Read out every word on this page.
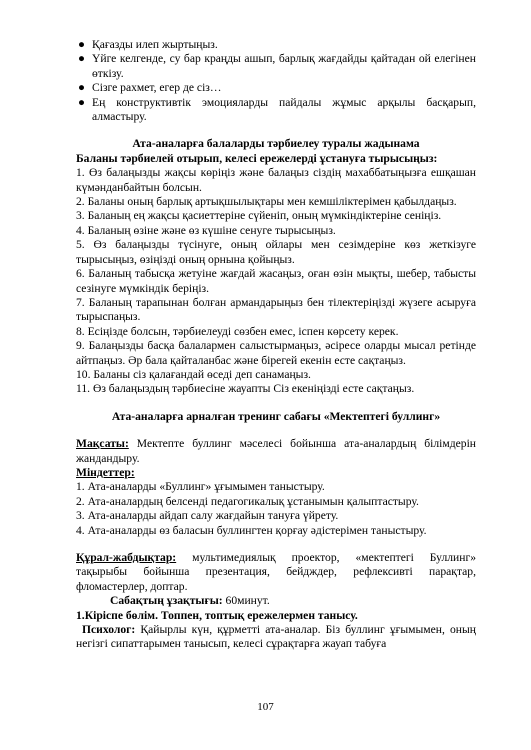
● Қағазды илеп жыртыңыз.
● Үйге келгенде, су бар краңды ашып, барлық жағдайды қайтадан ой елегінен өткізу.
● Сізге рахмет, егер де сіз…
● Ең конструктивтік эмоцияларды пайдалы жұмыс арқылы басқарып, алмастыру.
Ата-аналарға балаларды тәрбиелеу туралы жадынама

Баланы тәрбиелей отырып, келесі ережелерді ұстануға тырысыңыз:

1. Өз балаңызды жақсы көріңіз және балаңыз сіздің махаббатыңызға ешқашан күмәнданбайтын болсын.

2. Баланы оның барлық артықшылықтары мен кемшіліктерімен қабылдаңыз.

3. Баланың ең жақсы қасиеттеріне сүйеніп, оның мүмкіндіктеріне сеніңіз.

4. Баланың өзіне және өз күшіне сенуге тырысыңыз.

5. Өз балаңызды түсінуге, оның ойлары мен сезімдеріне көз жеткізуге тырысыңыз, өзіңізді оның орнына қойыңыз.

6. Баланың табысқа жетуіне жағдай жасаңыз, оған өзін мықты, шебер, табысты сезінуге мүмкіндік беріңіз.

7. Баланың тарапынан болған армандарыңыз бен тілектеріңізді жүзеге асыруға тырыспаңыз.

8. Есіңізде болсын, тәрбиелеуді сөзбен емес, іспен көрсету керек.

9. Балаңызды басқа балалармен салыстырмаңыз, әсіресе оларды мысал ретінде айтпаңыз. Әр бала қайталанбас және бірегей екенін есте сақтаңыз.

10. Баланы сіз қалағандай өседі деп санамаңыз.

11. Өз балаңыздың тәрбиесіне жауапты Сіз екеніңізді есте сақтаңыз.

Ата-аналарға арналған тренинг сабағы «Мектептегі буллинг»

Мақсаты: Мектепте буллинг мәселесі бойынша ата-аналардың білімдерін жандандыру.

Міндеттер:

1. Ата-аналарды «Буллинг» ұғымымен таныстыру.

2. Ата-аналардың белсенді педагогикалық ұстанымын қалыптастыру.

3. Ата-аналарды айдап салу жағдайын тануға үйрету.

4. Ата-аналарды өз баласын буллингтен қорғау әдістерімен таныстыру.

Құрал-жабдықтар: мультимедиялық проектор, «мектептегі Буллинг» тақырыбы бойынша презентация, бейдждер, рефлексивті парақтар, фломастерлер, доптар.

Сабақтың ұзақтығы: 60минут.

1.Кіріспе бөлім. Топпен, топтық ережелермен танысу.

Психолог: Қайырлы күн, құрметті ата-аналар. Біз буллинг ұғымымен, оның негізгі сипаттарымен танысып, келесі сұрақтарға жауап табуға

107
